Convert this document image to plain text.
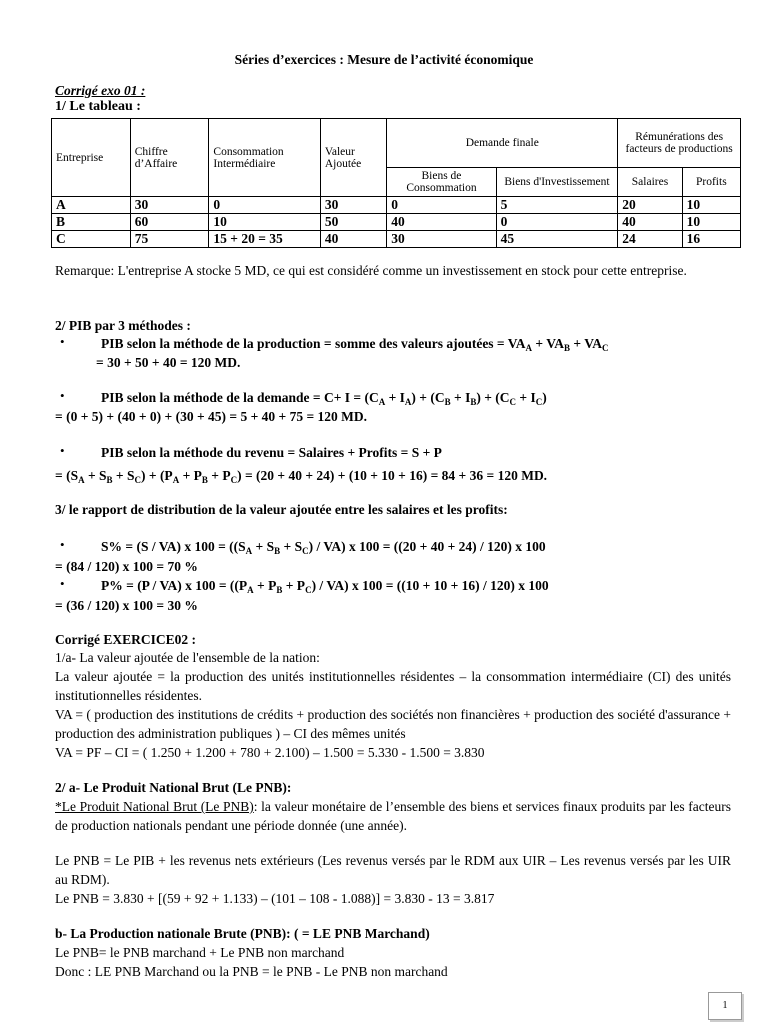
Séries d’exercices : Mesure de l’activité économique
Corrigé exo 01 :
1/ Le tableau :
Entreprise	Chiffre d’Affaire	Consommation Intermédiaire	Valeur Ajoutée	Demande finale		Rémunérations des facteurs de productions	
				Biens de Consommation	Biens d'Investissement	Salaires	Profits
A	30	0	30	0	5	20	10
B	60	10	50	40	0	40	10
C	75	15 + 20 = 35	40	30	45	24	16
Remarque: L'entreprise A stocke 5 MD, ce qui est considéré comme un investissement en stock pour cette entreprise.
2/ PIB par 3 méthodes :
•	PIB selon la méthode de la production = somme des valeurs ajoutées = $VA_A + VA_B + VA_C$
= 30 + 50 + 40 = 120 MD.
•	PIB selon la méthode de la demande = $C+ I = (C_A + I_A) + (C_B + I_B) + (C_C + I_C)$
= (0 + 5) + (40 + 0) + (30 + 45) = 5 + 40 + 75 = 120 MD.
•	PIB selon la méthode du revenu = Salaires + Profits = S + P
= $(S_A + S_B + S_C) + (P_A + P_B + P_C) = (20 + 40 + 24) + (10 + 10 + 16) = 84 + 36 = 120$ MD.
3/ le rapport de distribution de la valeur ajoutée entre les salaires et les profits:
•	S% = (S / VA) x $100 = ((S_A + S_B + S_C) / VA)$ x 100 = ((20 + 40 + 24) / 120) x 100
= (84 / 120) x 100 = 70 %
•	P% = (P / VA) x $100 = ((P_A + P_B + P_C) / VA)$ x 100 = ((10 + 10 + 16) / 120) x 100
= (36 / 120) x 100 = 30 %
Corrigé EXERCICE02 :
1/a- La valeur ajoutée de l'ensemble de la nation:
La valeur ajoutée = la production des unités institutionnelles résidentes – la consommation intermédiaire (CI) des unités institutionnelles résidentes.
VA = ( production des institutions de crédits + production des sociétés non financières + production des société d'assurance + production des administration publiques ) – CI des mêmes unités
VA = PF – CI = ( 1.250 + 1.200 + 780 + 2.100) – 1.500 = 5.330 - 1.500 = 3.830
2/ a- Le Produit National Brut (Le PNB):
*Le Produit National Brut (Le PNB): la valeur monétaire de l’ensemble des biens et services finaux produits par les facteurs de production nationals pendant une période donnée (une année).
Le PNB = Le PIB + les revenus nets extérieurs (Les revenus versés par le RDM aux UIR – Les revenus versés par les UIR au RDM).
Le PNB = 3.830 + [(59 + 92 + 1.133) – (101 – 108 - 1.088)] = 3.830 - 13 = 3.817
b- La Production nationale Brute (PNB): ( = LE PNB Marchand)
Le PNB= le PNB marchand + Le PNB non marchand
Donc : LE PNB Marchand ou la PNB = le PNB - Le PNB non marchand
1
